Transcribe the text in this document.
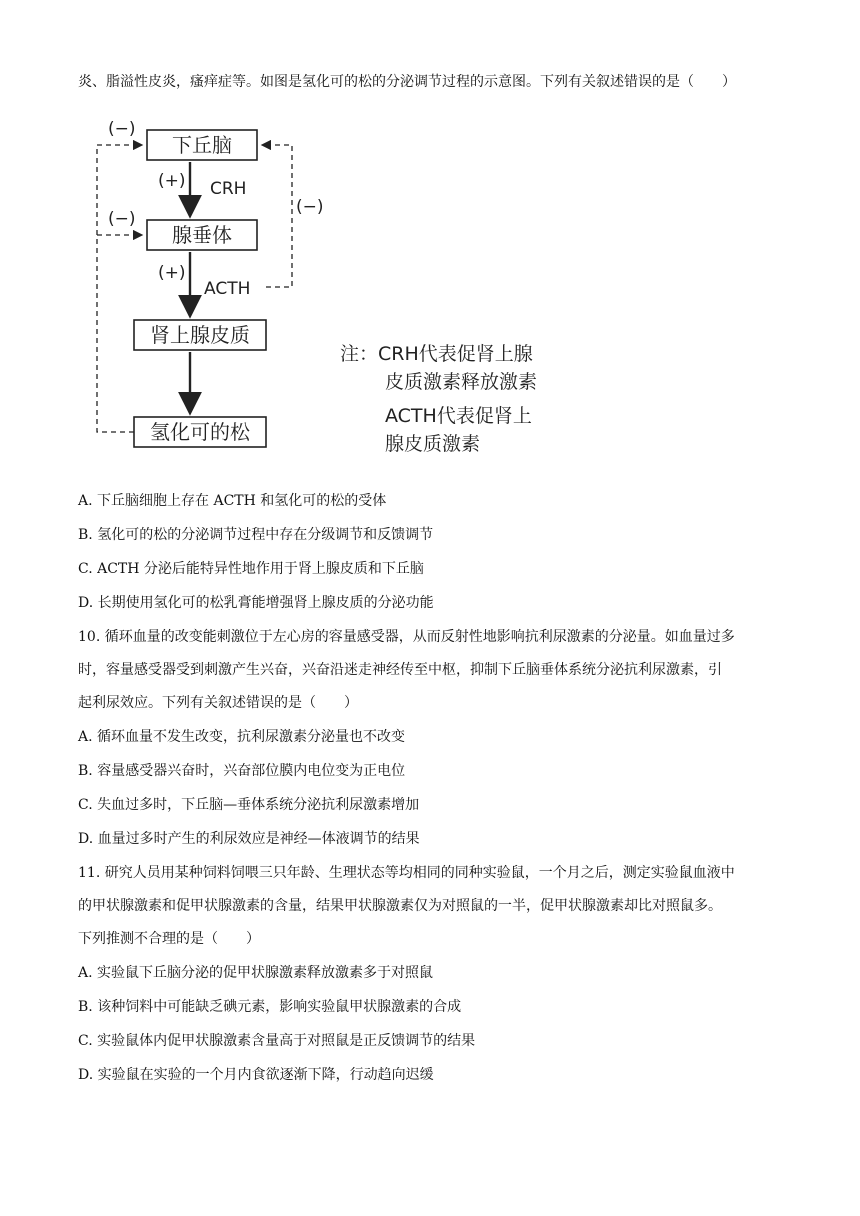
炎、脂溢性皮炎，瘙痒症等。如图是氢化可的松的分泌调节过程的示意图。下列有关叙述错误的是（　　）
下丘脑
腺垂体
肾上腺皮质
氢化可的松
(+) CRH
(+)
ACTH
(−)
(−)
(−)
注：CRH代表促肾上腺
皮质激素释放激素
ACTH代表促肾上
腺皮质激素
A. 下丘脑细胞上存在 ACTH 和氢化可的松的受体
B. 氢化可的松的分泌调节过程中存在分级调节和反馈调节
C. ACTH 分泌后能特异性地作用于肾上腺皮质和下丘脑
D. 长期使用氢化可的松乳膏能增强肾上腺皮质的分泌功能
10. 循环血量的改变能刺激位于左心房的容量感受器，从而反射性地影响抗利尿激素的分泌量。如血量过多
时，容量感受器受到刺激产生兴奋，兴奋沿迷走神经传至中枢，抑制下丘脑垂体系统分泌抗利尿激素，引
起利尿效应。下列有关叙述错误的是（　　）
A. 循环血量不发生改变，抗利尿激素分泌量也不改变
B. 容量感受器兴奋时，兴奋部位膜内电位变为正电位
C. 失血过多时，下丘脑—垂体系统分泌抗利尿激素增加
D. 血量过多时产生的利尿效应是神经—体液调节的结果
11. 研究人员用某种饲料饲喂三只年龄、生理状态等均相同的同种实验鼠，一个月之后，测定实验鼠血液中
的甲状腺激素和促甲状腺激素的含量，结果甲状腺激素仅为对照鼠的一半，促甲状腺激素却比对照鼠多。
下列推测不合理的是（　　）
A. 实验鼠下丘脑分泌的促甲状腺激素释放激素多于对照鼠
B. 该种饲料中可能缺乏碘元素，影响实验鼠甲状腺激素的合成
C. 实验鼠体内促甲状腺激素含量高于对照鼠是正反馈调节的结果
D. 实验鼠在实验的一个月内食欲逐渐下降，行动趋向迟缓
